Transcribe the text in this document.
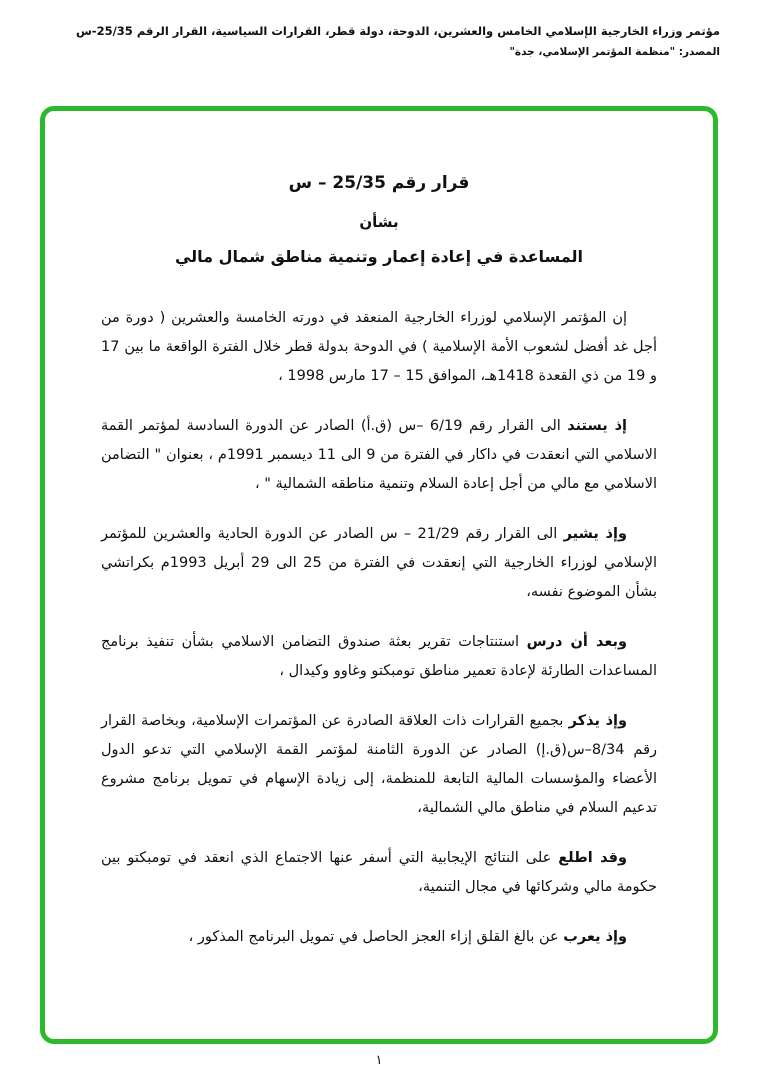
مؤتمر وزراء الخارجية الإسلامي الخامس والعشرين، الدوحة، دولة قطر، القرارات السياسية، القرار الرقم 25/35-س
المصدر: "منظمة المؤتمر الإسلامي، جدة"
قرار رقم 25/35 – س
بشأن
المساعدة في إعادة إعمار وتنمية مناطق شمال مالي

إن المؤتمر الإسلامي لوزراء الخارجية المنعقد في دورته الخامسة والعشرين ( دورة من أجل غد أفضل لشعوب الأمة الإسلامية ) في الدوحة بدولة قطر خلال الفترة الواقعة ما بين 17 و 19 من ذي القعدة 1418هـ، الموافق 15 – 17 مارس 1998 ،

إذ يستند الى القرار رقم 6/19 –س (ق.أ) الصادر عن الدورة السادسة لمؤتمر القمة الاسلامي التي انعقدت في داكار في الفترة من 9 الى 11 ديسمبر 1991م ، بعنوان " التضامن الاسلامي مع مالي من أجل إعادة السلام وتنمية مناطقه الشمالية " ،

وإذ يشير الى القرار رقم 21/29 – س الصادر عن الدورة الحادية والعشرين للمؤتمر الإسلامي لوزراء الخارجية التي إنعقدت في الفترة من 25 الى 29 أبريل 1993م بكراتشي بشأن الموضوع نفسه،

وبعد أن درس استنتاجات تقرير بعثة صندوق التضامن الاسلامي بشأن تنفيذ برنامج المساعدات الطارئة لإعادة تعمير مناطق تومبكتو وغاوو وكيدال ،

وإذ يذكر بجميع القرارات ذات العلاقة الصادرة عن المؤتمرات الإسلامية، وبخاصة القرار رقم 8/34–س(ق.إ) الصادر عن الدورة الثامنة لمؤتمر القمة الإسلامي التي تدعو الدول الأعضاء والمؤسسات المالية التابعة للمنظمة، إلى زيادة الإسهام في تمويل برنامج مشروع تدعيم السلام في مناطق مالي الشمالية،

وقد اطلع على النتائج الإيجابية التي أسفر عنها الاجتماع الذي انعقد في تومبكتو بين حكومة مالي وشركائها في مجال التنمية،

وإذ يعرب عن بالغ القلق إزاء العجز الحاصل في تمويل البرنامج المذكور ،

١
